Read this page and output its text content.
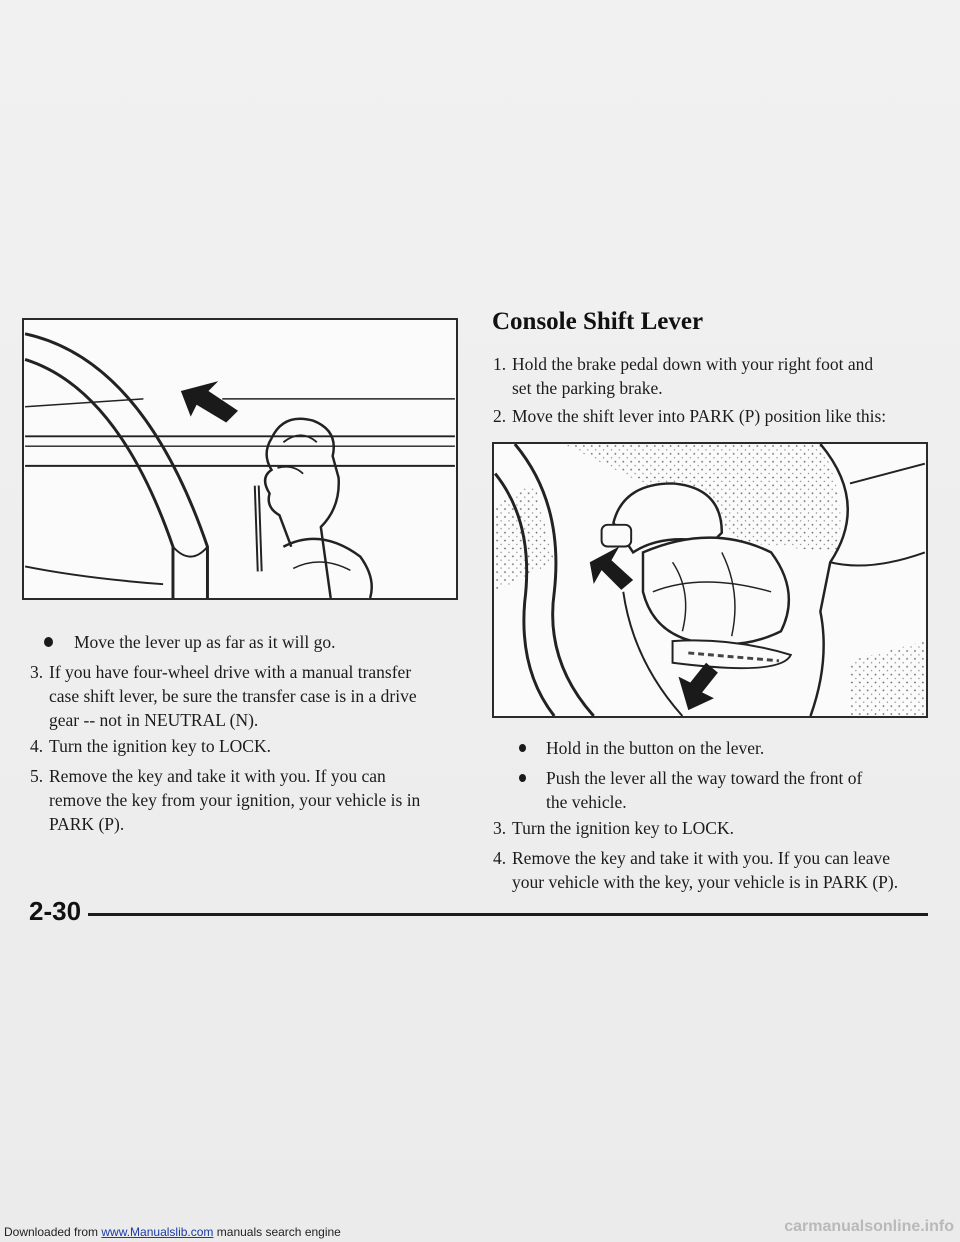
Move the lever up as far as it will go.
3. If you have four-wheel drive with a manual transfer
case shift lever, be sure the transfer case is in a drive
gear -- not in NEUTRAL (N).
4. Turn the ignition key to LOCK.
5. Remove the key and take it with you. If you can
remove the key from your ignition, your vehicle is in
PARK (P).
Console Shift Lever
1. Hold the brake pedal down with your right foot and
set the parking brake.
2. Move the shift lever into PARK (P) position like this:
Hold in the button on the lever.
Push the lever all the way toward the front of
the vehicle.
3. Turn the ignition key to LOCK.
4. Remove the key and take it with you. If you can leave
your vehicle with the key, your vehicle is in PARK (P).
2-30
Downloaded from www.Manualslib.com manuals search engine	carmanualsonline.info
